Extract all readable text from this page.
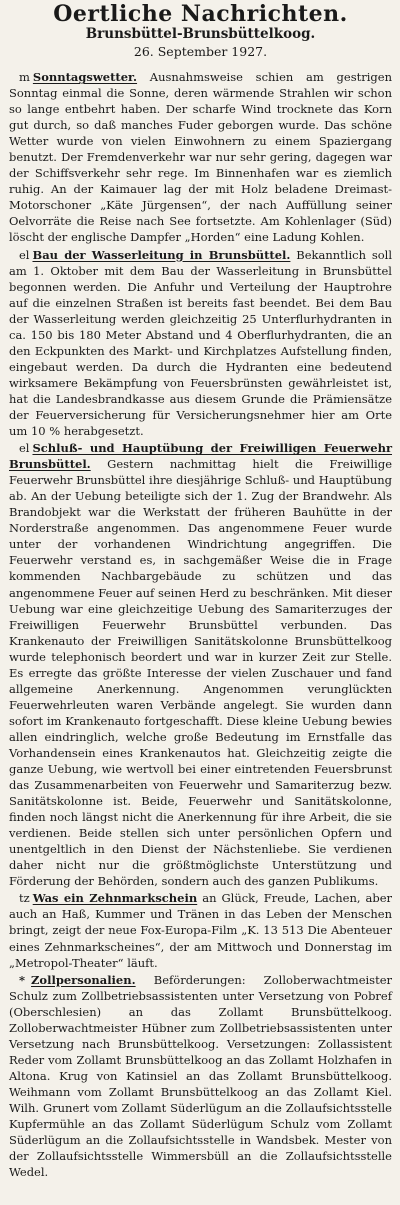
Oertliche Nachrichten.
Brunsbüttel-Brunsbüttelkoog.
26. September 1927.

m Sonntagswetter. Ausnahmsweise schien am gestrigen Sonntag einmal die Sonne, deren wärmende Strahlen wir schon so lange entbehrt haben. Der scharfe Wind trocknete das Korn gut durch, so daß manches Fuder geborgen wurde. Das schöne Wetter wurde von vielen Einwohnern zu einem Spaziergang benutzt. Der Fremdenverkehr war nur sehr gering, dagegen war der Schiffsverkehr sehr rege. Im Binnenhafen war es ziemlich ruhig. An der Kaimauer lag der mit Holz beladene Dreimast-Motorschoner „Käte Jürgensen“, der nach Auffüllung seiner Oelvorräte die Reise nach See fortsetzte. Am Kohlenlager (Süd) löscht der englische Dampfer „Horden“ eine Ladung Kohlen.

el Bau der Wasserleitung in Brunsbüttel. Bekanntlich soll am 1. Oktober mit dem Bau der Wasserleitung in Brunsbüttel begonnen werden. Die Anfuhr und Verteilung der Hauptrohre auf die einzelnen Straßen ist bereits fast beendet. Bei dem Bau der Wasserleitung werden gleichzeitig 25 Unterflurhydranten in ca. 150 bis 180 Meter Abstand und 4 Oberflurhydranten, die an den Eckpunkten des Markt- und Kirchplatzes Aufstellung finden, eingebaut werden. Da durch die Hydranten eine bedeutend wirksamere Bekämpfung von Feuersbrünsten gewährleistet ist, hat die Landesbrandkasse aus diesem Grunde die Prämiensätze der Feuerversicherung für Versicherungsnehmer hier am Orte um 10 % herabgesetzt.

el Schluß- und Hauptübung der Freiwilligen Feuerwehr Brunsbüttel. Gestern nachmittag hielt die Freiwillige Feuerwehr Brunsbüttel ihre diesjährige Schluß- und Hauptübung ab. An der Uebung beteiligte sich der 1. Zug der Brandwehr. Als Brandobjekt war die Werkstatt der früheren Bauhütte in der Norderstraße angenommen. Das angenommene Feuer wurde unter der vorhandenen Windrichtung angegriffen. Die Feuerwehr verstand es, in sachgemäßer Weise die in Frage kommenden Nachbargebäude zu schützen und das angenommene Feuer auf seinen Herd zu beschränken. Mit dieser Uebung war eine gleichzeitige Uebung des Samariterzuges der Freiwilligen Feuerwehr Brunsbüttel verbunden. Das Krankenauto der Freiwilligen Sanitätskolonne Brunsbüttelkoog wurde telephonisch beordert und war in kurzer Zeit zur Stelle. Es erregte das größte Interesse der vielen Zuschauer und fand allgemeine Anerkennung. Angenommen verunglückten Feuerwehrleuten waren Verbände angelegt. Sie wurden dann sofort im Krankenauto fortgeschafft. Diese kleine Uebung bewies allen eindringlich, welche große Bedeutung im Ernstfalle das Vorhandensein eines Krankenautos hat. Gleichzeitig zeigte die ganze Uebung, wie wertvoll bei einer eintretenden Feuersbrunst das Zusammenarbeiten von Feuerwehr und Samariterzug bezw. Sanitätskolonne ist. Beide, Feuerwehr und Sanitätskolonne, finden noch längst nicht die Anerkennung für ihre Arbeit, die sie verdienen. Beide stellen sich unter persönlichen Opfern und unentgeltlich in den Dienst der Nächstenliebe. Sie verdienen daher nicht nur die größtmöglichste Unterstützung und Förderung der Behörden, sondern auch des ganzen Publikums.

tz Was ein Zehnmarkschein an Glück, Freude, Lachen, aber auch an Haß, Kummer und Tränen in das Leben der Menschen bringt, zeigt der neue Fox-Europa-Film „K. 13 513 Die Abenteuer eines Zehnmarkscheines“, der am Mittwoch und Donnerstag im „Metropol-Theater“ läuft.

* Zollpersonalien. Beförderungen: Zolloberwachtmeister Schulz zum Zollbetriebsassistenten unter Versetzung von Pobref (Oberschlesien) an das Zollamt Brunsbüttelkoog. Zolloberwachtmeister Hübner zum Zollbetriebsassistenten unter Versetzung nach Brunsbüttelkoog. Versetzungen: Zollassistent Reder vom Zollamt Brunsbüttelkoog an das Zollamt Holzhafen in Altona. Krug von Katinsiel an das Zollamt Brunsbüttelkoog. Weihmann vom Zollamt Brunsbüttelkoog an das Zollamt Kiel. Wilh. Grunert vom Zollamt Süderlügum an die Zollaufsichtsstelle Kupfermühle an das Zollamt Süderlügum Schulz vom Zollamt Süderlügum an die Zollaufsichtsstelle in Wandsbek. Mester von der Zollaufsichtsstelle Wimmersbüll an die Zollaufsichtsstelle Wedel.
